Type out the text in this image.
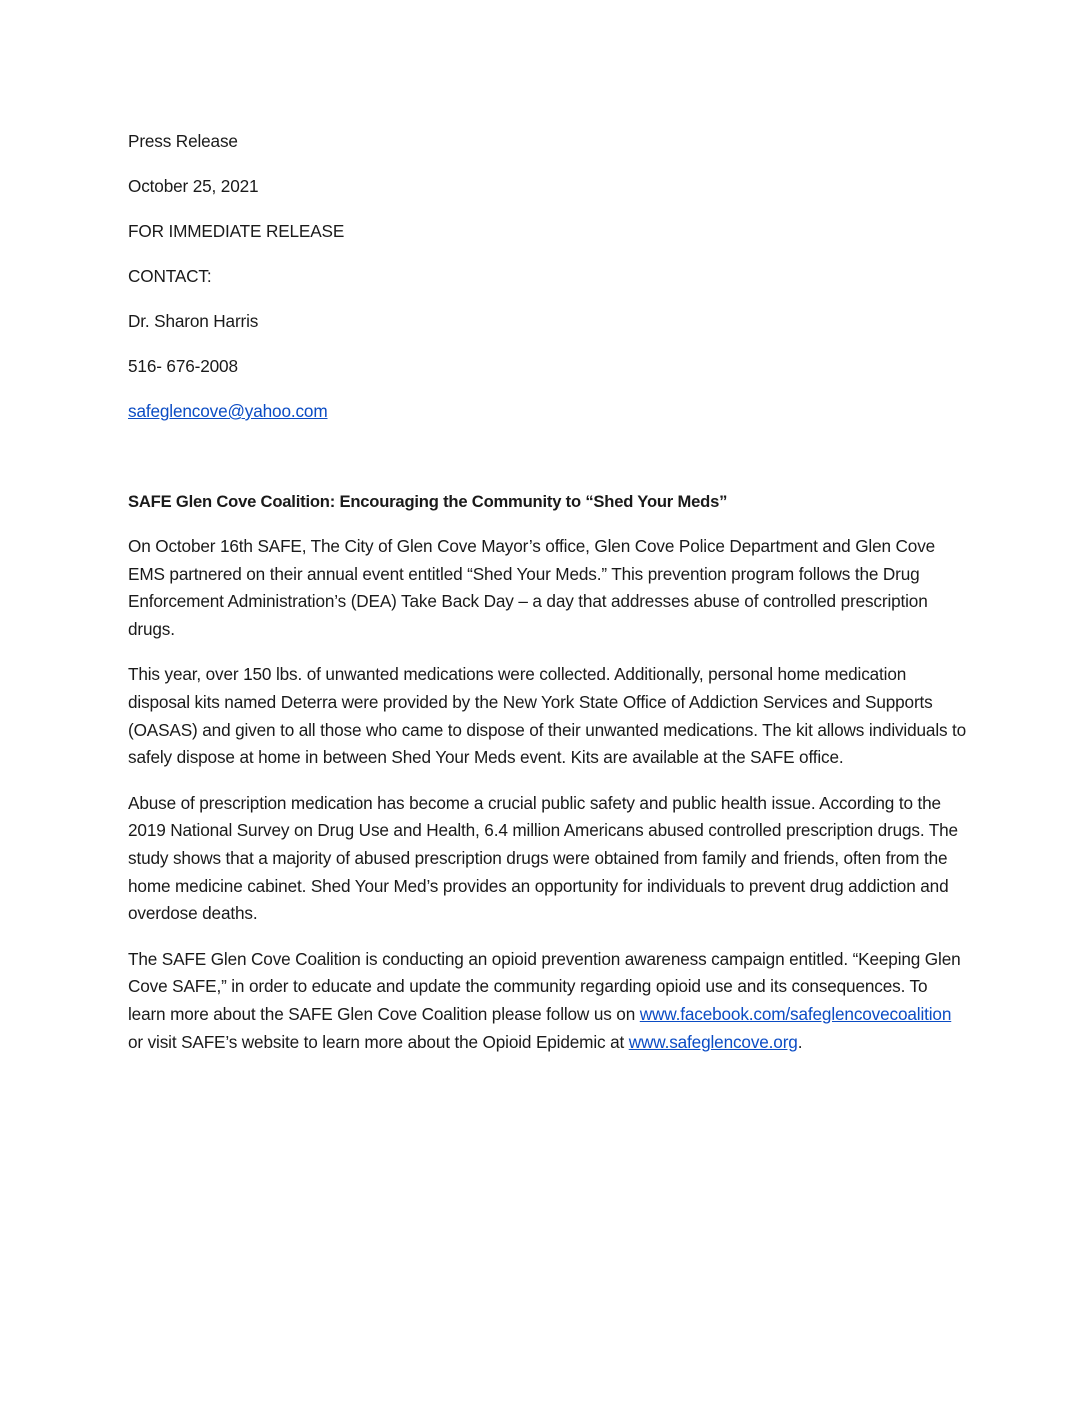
Press Release
October 25, 2021
FOR IMMEDIATE RELEASE
CONTACT:
Dr. Sharon Harris
516- 676-2008
safeglencove@yahoo.com
SAFE Glen Cove Coalition: Encouraging the Community to “Shed Your Meds”

On October 16th SAFE, The City of Glen Cove Mayor’s office, Glen Cove Police Department and Glen Cove EMS partnered on their annual event entitled “Shed Your Meds.” This prevention program follows the Drug Enforcement Administration’s (DEA) Take Back Day – a day that addresses abuse of controlled prescription drugs.

This year, over 150 lbs. of unwanted medications were collected. Additionally, personal home medication disposal kits named Deterra were provided by the New York State Office of Addiction Services and Supports (OASAS) and given to all those who came to dispose of their unwanted medications. The kit allows individuals to safely dispose at home in between Shed Your Meds event. Kits are available at the SAFE office.

Abuse of prescription medication has become a crucial public safety and public health issue. According to the 2019 National Survey on Drug Use and Health, 6.4 million Americans abused controlled prescription drugs. The study shows that a majority of abused prescription drugs were obtained from family and friends, often from the home medicine cabinet. Shed Your Med’s provides an opportunity for individuals to prevent drug addiction and overdose deaths.

The SAFE Glen Cove Coalition is conducting an opioid prevention awareness campaign entitled. “Keeping Glen Cove SAFE,” in order to educate and update the community regarding opioid use and its consequences. To learn more about the SAFE Glen Cove Coalition please follow us on www.facebook.com/safeglencovecoalition  or visit SAFE’s website to learn more about the Opioid Epidemic at www.safeglencove.org.
